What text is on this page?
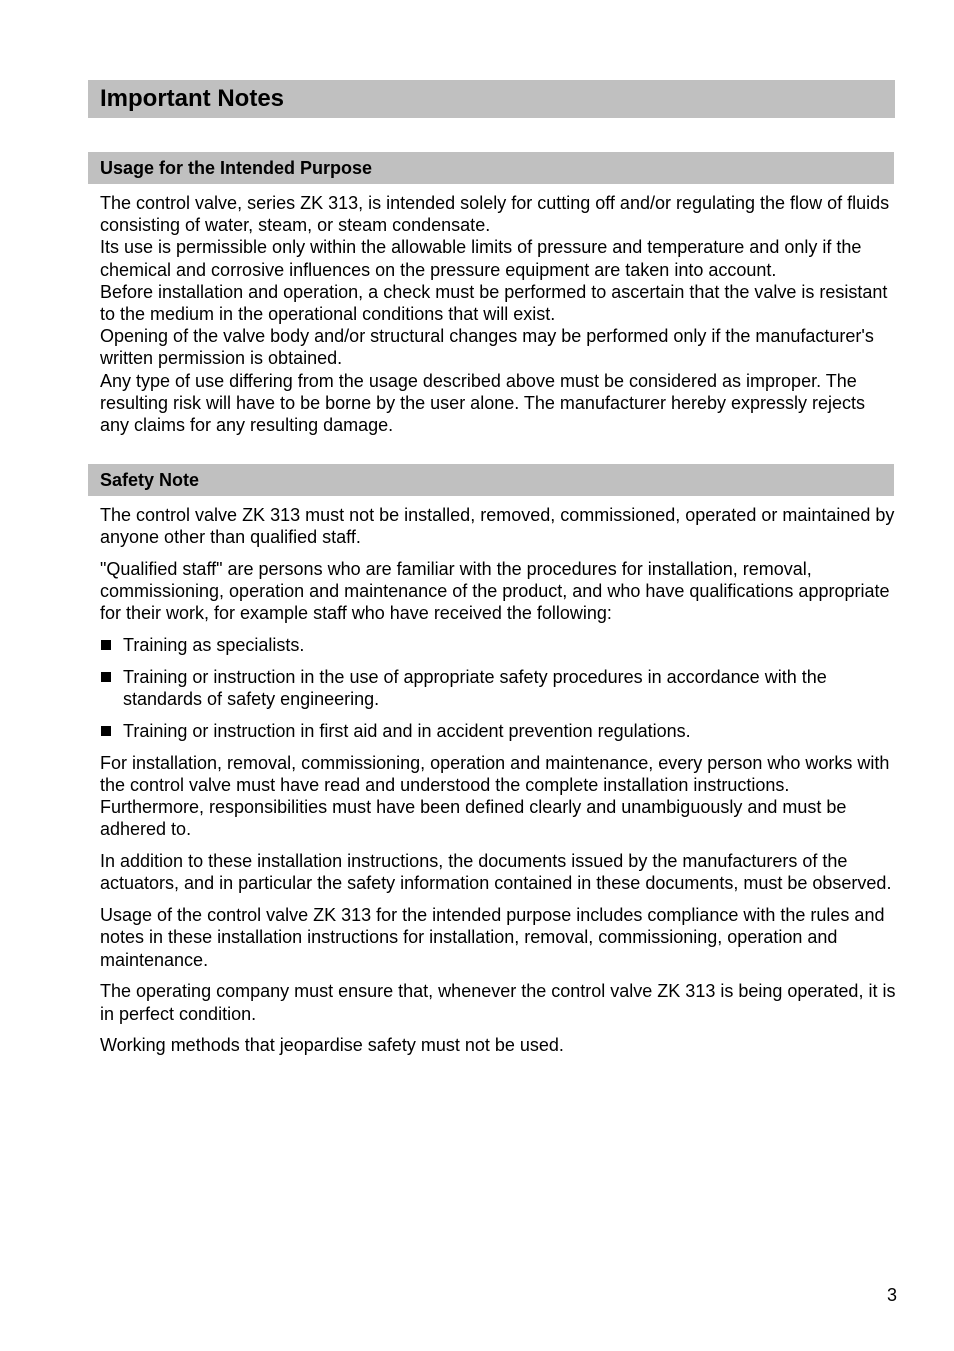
Important Notes
Usage for the Intended Purpose

The control valve, series ZK 313, is intended solely for cutting off and/or regulating the flow of fluids consisting of water, steam, or steam condensate.

Its use is permissible only within the allowable limits of pressure and temperature and only if the chemical and corrosive influences on the pressure equipment are taken into account.

Before installation and operation, a check must be performed to ascertain that the valve is resistant to the medium in the operational conditions that will exist.

Opening of the valve body and/or structural changes may be performed only if the manufacturer's written permission is obtained.

Any type of use differing from the usage described above must be considered as improper. The resulting risk will have to be borne by the user alone. The manufacturer hereby expressly rejects any claims for any resulting damage.

Safety Note

The control valve ZK 313 must not be installed, removed, commissioned, operated or maintained by anyone other than qualified staff.

"Qualified staff" are persons who are familiar with the procedures for installation, removal, commissioning, operation and maintenance of the product, and who have qualifications appropriate for their work, for example staff who have received the following:

Training as specialists.
Training or instruction in the use of appropriate safety procedures in accordance with the standards of safety engineering.
Training or instruction in first aid and in accident prevention regulations.

For installation, removal, commissioning, operation and maintenance, every person who works with the control valve must have read and understood the complete installation instructions. Furthermore, responsibilities must have been defined clearly and unambiguously and must be adhered to.

In addition to these installation instructions, the documents issued by the manufacturers of the actuators, and in particular the safety information contained in these documents, must be observed.

Usage of the control valve ZK 313 for the intended purpose includes compliance with the rules and notes in these installation instructions for installation, removal, commissioning, operation and maintenance.

The operating company must ensure that, whenever the control valve ZK 313 is being operated, it is in perfect condition.

Working methods that jeopardise safety must not be used.

3
